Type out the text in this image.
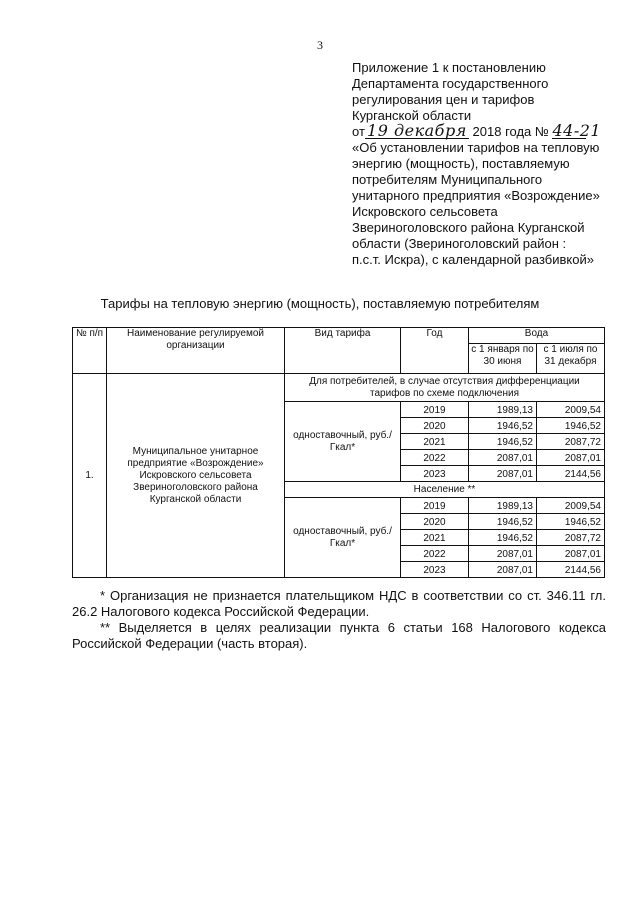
3
Приложение 1 к постановлению
Департамента государственного
регулирования цен и тарифов
Курганской области
от 19 декабря 2018 года № 44-21
«Об установлении тарифов на тепловую
энергию (мощность), поставляемую
потребителям Муниципального
унитарного предприятия «Возрождение»
Искровского сельсовета
Звериноголовского района Курганской
области (Звериноголовский район :
п.с.т. Искра), с календарной разбивкой»
Тарифы на тепловую энергию (мощность), поставляемую потребителям
№ п/п	Наименование регулируемой организации	Вид тарифа	Год	Вода	
				с 1 января по 30 июня	с 1 июля по 31 декабря
1.	Муниципальное унитарное предприятие «Возрождение» Искровского сельсовета Звериноголовского района Курганской области	Для потребителей, в случае отсутствия дифференциации тарифов по схеме подключения			
		одноставочный, руб./Гкал*	2019	1989,13	2009,54
			2020	1946,52	1946,52
			2021	1946,52	2087,72
			2022	2087,01	2087,01
			2023	2087,01	2144,56
		Население **			
		одноставочный, руб./Гкал*	2019	1989,13	2009,54
			2020	1946,52	1946,52
			2021	1946,52	2087,72
			2022	2087,01	2087,01
			2023	2087,01	2144,56

* Организация не признается плательщиком НДС в соответствии со ст. 346.11 гл. 26.2 Налогового кодекса Российской Федерации.

** Выделяется в целях реализации пункта 6 статьи 168 Налогового кодекса Российской Федерации (часть вторая).
